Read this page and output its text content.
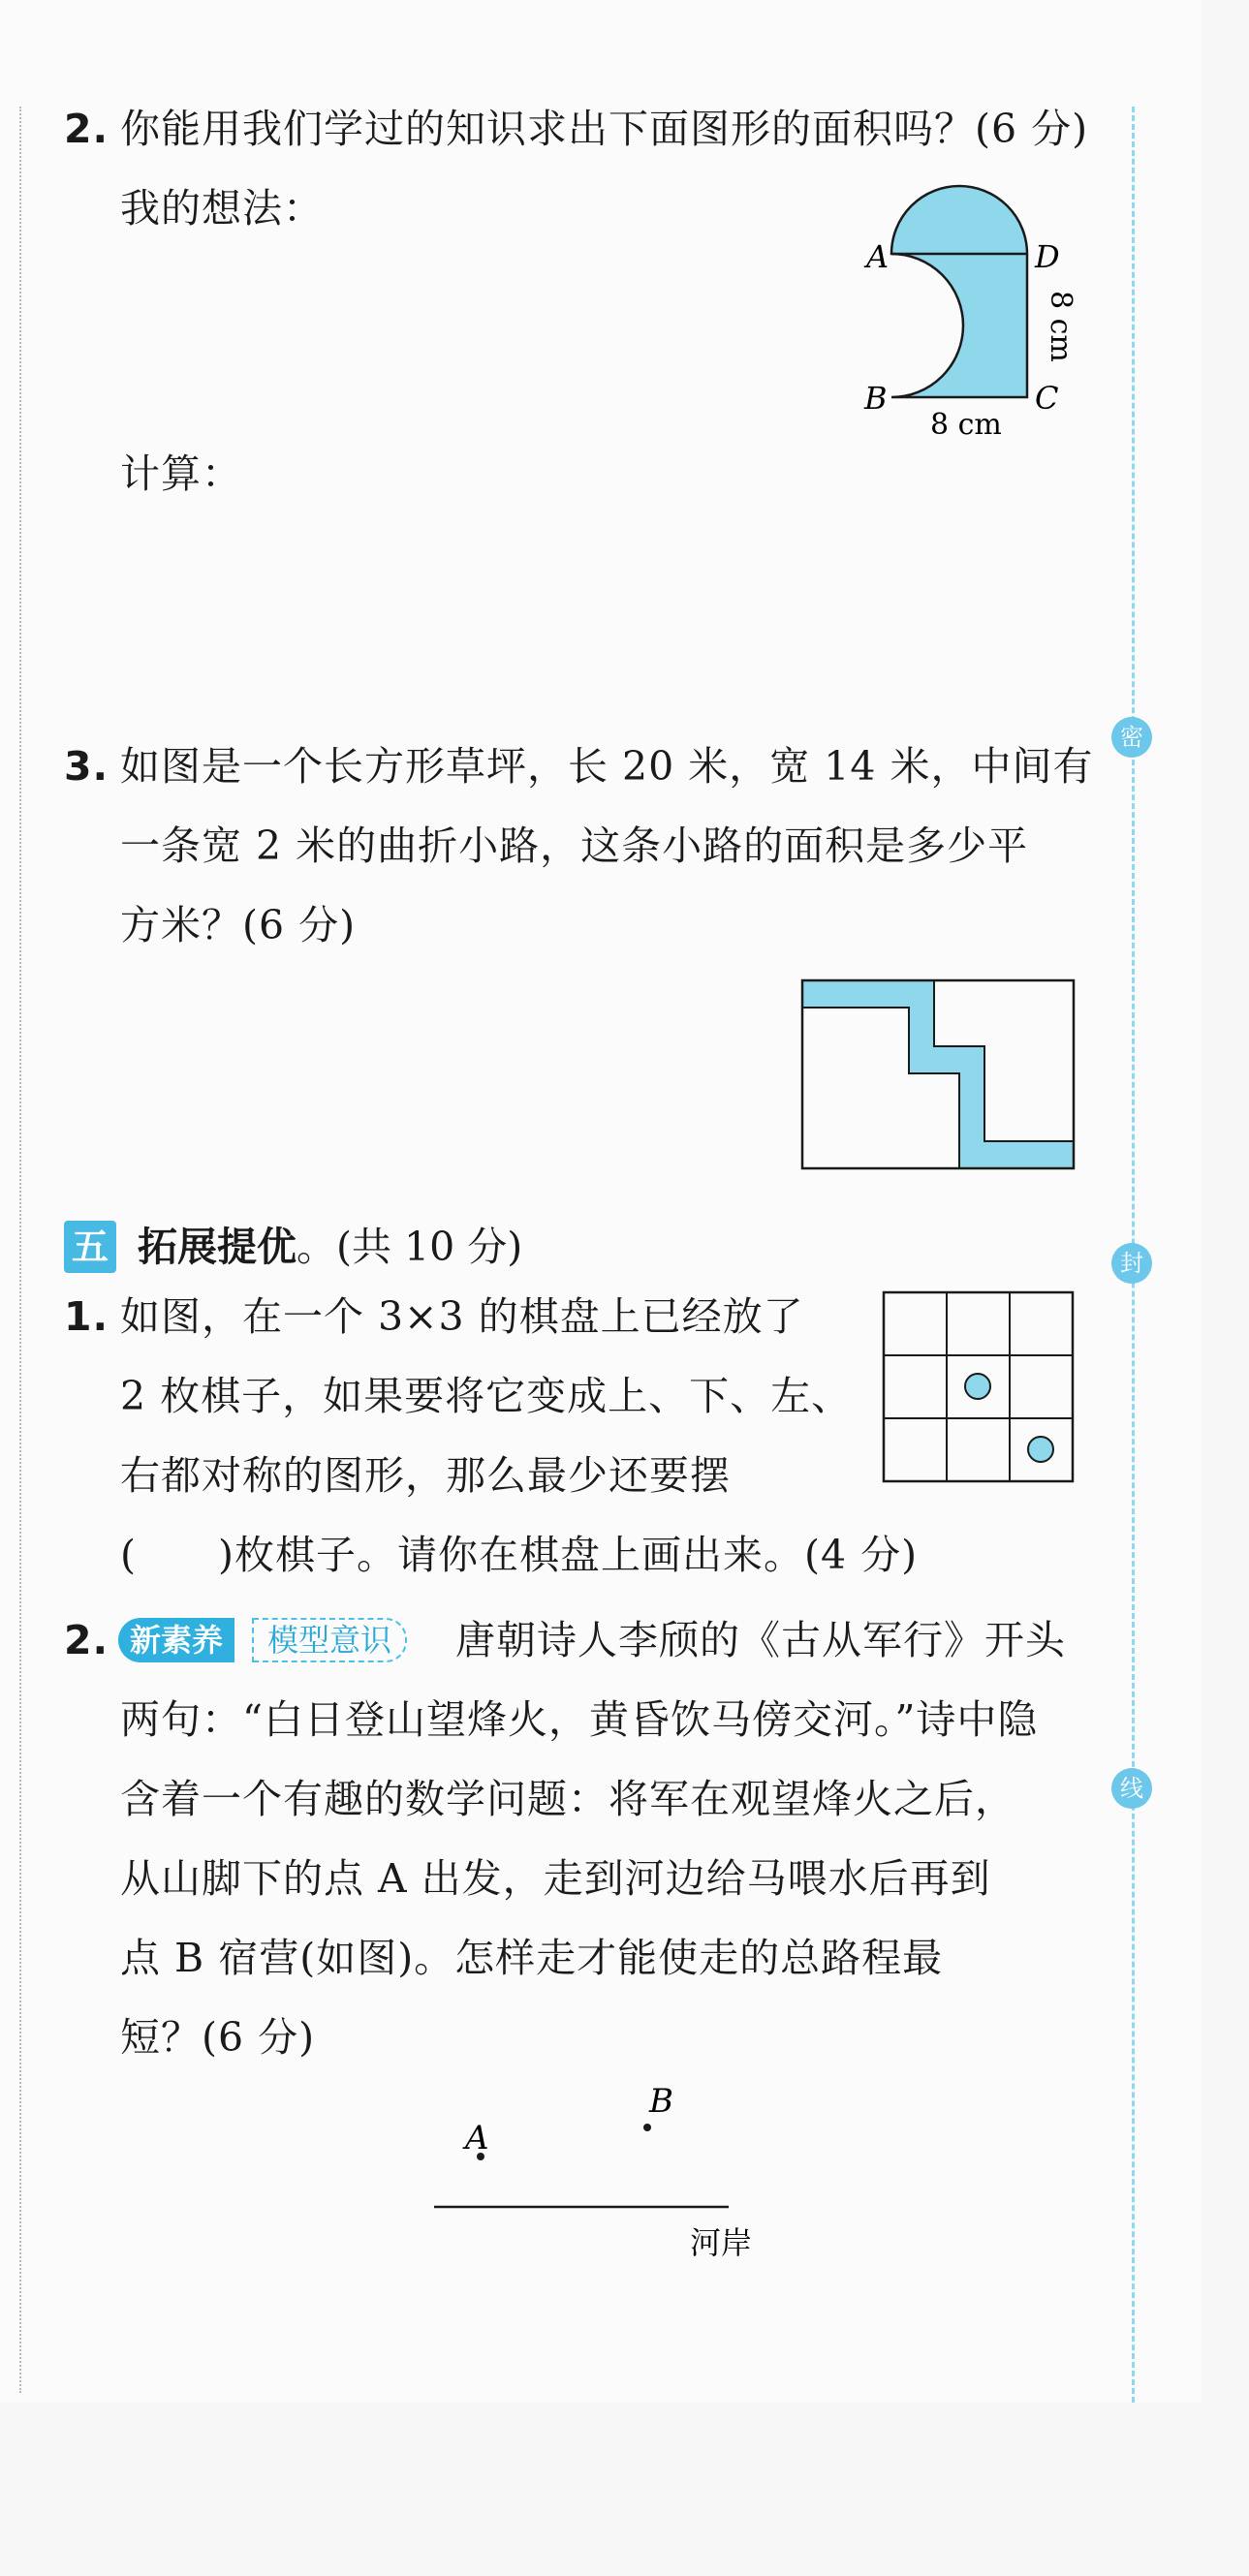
密
封
线
2. 你能用我们学过的知识求出下面图形的面积吗？(6 分)
我的想法：
计算：
A	D
B	C
8 cm
8 cm
3. 如图是一个长方形草坪，长 20 米，宽 14 米，中间有
一条宽 2 米的曲折小路，这条小路的面积是多少平
方米？(6 分)
五 拓展提优。(共 10 分)
1. 如图，在一个 3×3 的棋盘上已经放了
2 枚棋子，如果要将它变成上、下、左、
右都对称的图形，那么最少还要摆
(　　)枚棋子。请你在棋盘上画出来。(4 分)
2. 新素养	模型意识	唐朝诗人李颀的《古从军行》开头
两句：“白日登山望烽火，黄昏饮马傍交河。”诗中隐
含着一个有趣的数学问题：将军在观望烽火之后，
从山脚下的点 A 出发，走到河边给马喂水后再到
点 B 宿营(如图)。怎样走才能使走的总路程最
短？(6 分)
A
B
河岸
